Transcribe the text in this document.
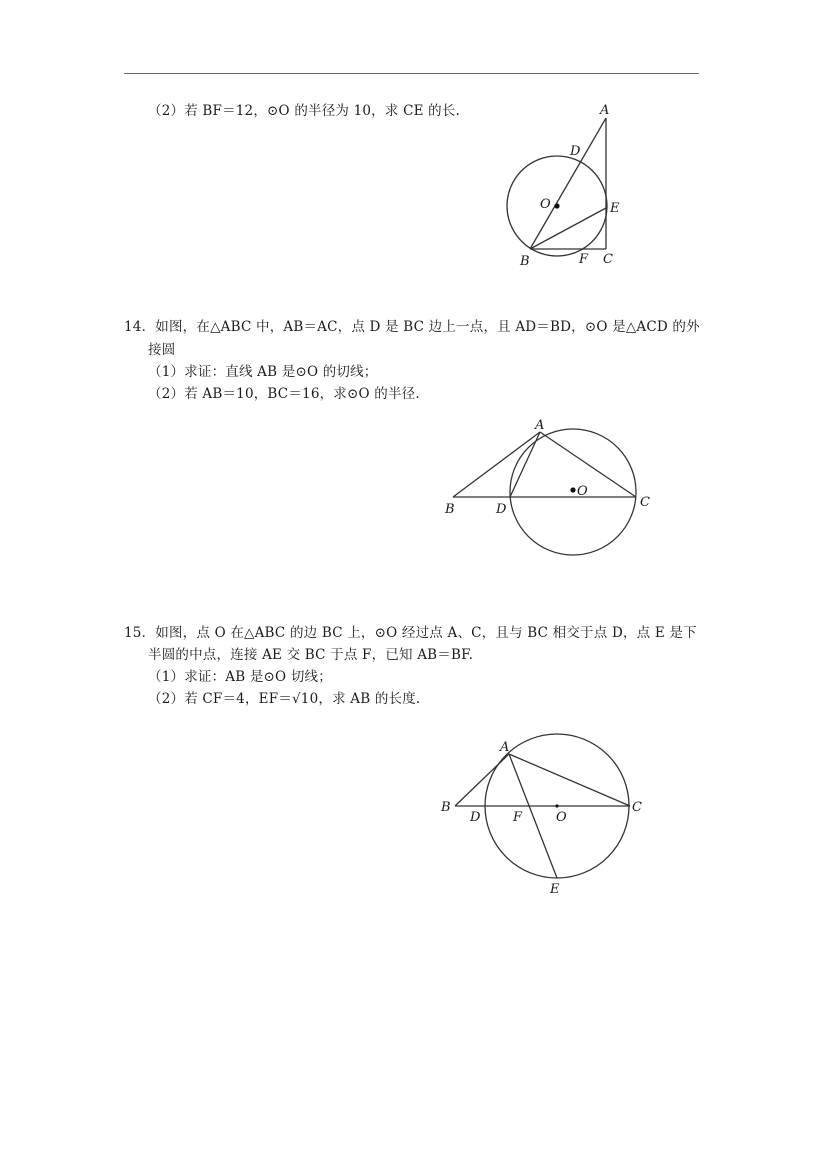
（2）若 BF＝12，⊙O 的半径为 10，求 CE 的长.	A
D
O	E
B	F C
14．如图，在△ABC 中，AB＝AC，点 D 是 BC 边上一点，且 AD＝BD，⊙O 是△ACD 的外
接圆
（1）求证：直线 AB 是⊙O 的切线；
（2）若 AB＝10，BC＝16，求⊙O 的半径.
A
O
B	D	C
15．如图，点 O 在△ABC 的边 BC 上，⊙O 经过点 A、C，且与 BC 相交于点 D，点 E 是下
半圆的中点，连接 AE 交 BC 于点 F，已知 AB＝BF.
（1）求证：AB 是⊙O 切线；
（2）若 CF＝4，EF＝√10，求 AB 的长度.
A
B
D	F	O
C
E
